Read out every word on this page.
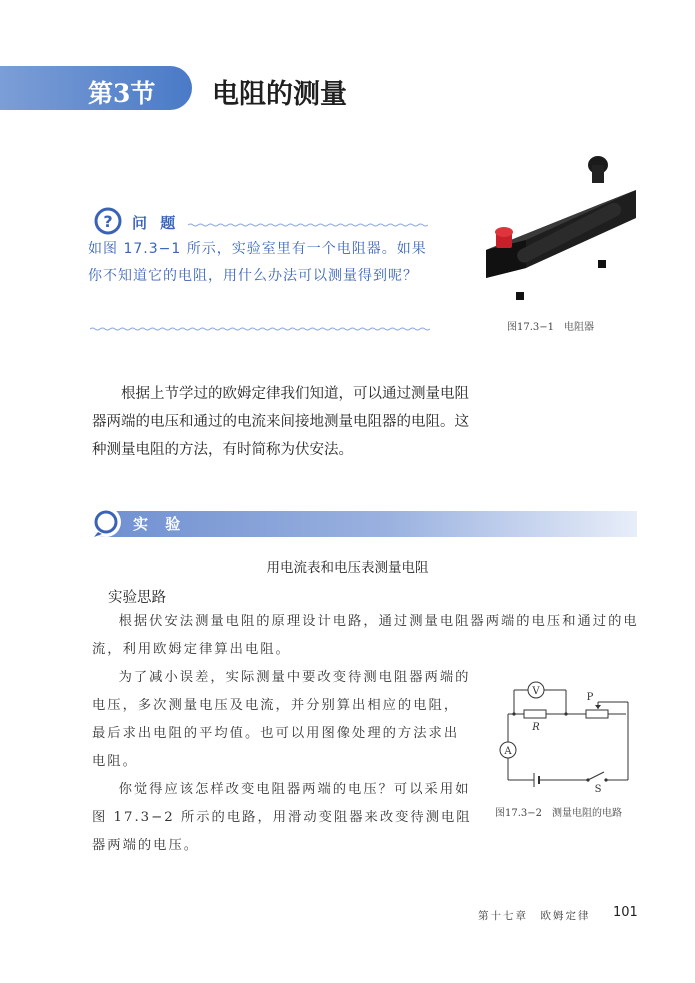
第3节 电阻的测量
? 问 题
如图 17.3−1 所示，实验室里有一个电阻器。如果你不知道它的电阻，用什么办法可以测量得到呢？
图17.3−1　电阻器
根据上节学过的欧姆定律我们知道，可以通过测量电阻器两端的电压和通过的电流来间接地测量电阻器的电阻。这种测量电阻的方法，有时简称为伏安法。
实 验
用电流表和电压表测量电阻
实验思路
根据伏安法测量电阻的原理设计电路，通过测量电阻器两端的电压和通过的电流，利用欧姆定律算出电阻。
为了减小误差，实际测量中要改变待测电阻器两端的电压，多次测量电压及电流，并分别算出相应的电阻，最后求出电阻的平均值。也可以用图像处理的方法求出电阻。
你觉得应该怎样改变电阻器两端的电压？可以采用如图 17.3−2 所示的电路，用滑动变阻器来改变待测电阻器两端的电压。
V
A
R
P
S
图17.3−2　测量电阻的电路
第十七章　欧姆定律 101
